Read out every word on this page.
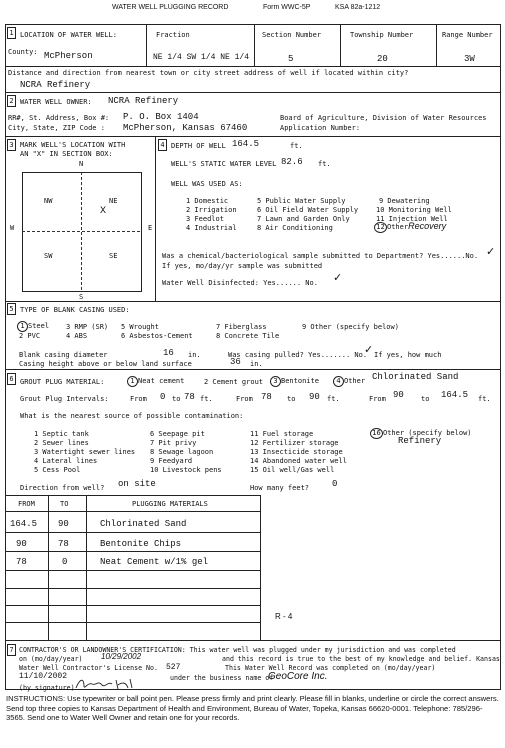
WATER WELL PLUGGING RECORD	Form WWC-5P	KSA 82a-1212
1 LOCATION OF WATER WELL:
County: McPherson
Fraction
NE 1/4 SW 1/4 NE 1/4
Section Number
5
Township Number
20
Range Number
3W
Distance and direction from nearest town or city street address of well if located within city?
NCRA Refinery
2 WATER WELL OWNER: NCRA Refinery
RR#, St. Address, Box #: P. O. Box 1404
City, State, ZIP Code : McPherson, Kansas 67460
Board of Agriculture, Division of Water Resources
Application Number:
3 MARK WELL'S LOCATION WITH
AN "X" IN SECTION BOX:
N
S
W	E
NW	NE
SW	SE
X
4 DEPTH OF WELL 164.5	ft.
WELL'S STATIC WATER LEVEL 82.6 ft.
WELL WAS USED AS:
1 Domestic
2 Irrigation
3 Feedlot
4 Industrial
5 Public Water Supply
6 Oil Field Water Supply
7 Lawn and Garden Only
8 Air Conditioning
9 Dewatering
10 Monitoring Well
11 Injection Well
12 OtherRecovery
Was a chemical/bacteriological sample submitted to Department? Yes......No. ✓
If yes, mo/day/yr sample was submitted
Water Well Disinfected: Yes...... No. ✓
5 TYPE OF BLANK CASING USED:
1 Steel 3 RMP (SR) 5 Wrought	7 Fiberglass	9 Other (specify below)
2 PVC	4 ABS	6 Asbestos-Cement	8 Concrete Tile
Blank casing diameter	16 in.	Was casing pulled? Yes....... No.
✓ If yes, how much
Casing height above or below land surface	36 in.
6 GROUT PLUG MATERIAL:	1 Neat cement	2 Cement grout	3 Bentonite	4 Other Chlorinated Sand
Grout Plug Intervals:	From 0 to 78 ft.	From 78 to 90 ft.	From 90 to 164.5 ft.
What is the nearest source of possible contamination:
1 Septic tank
2 Sewer lines
3 Watertight sewer lines
4 Lateral lines
5 Cess Pool
6 Seepage pit
7 Pit privy
8 Sewage lagoon
9 Feedyard
10 Livestock pens
11 Fuel storage
12 Fertilizer storage
13 Insecticide storage
14 Abandoned water well
15 Oil well/Gas well
16 Other (specify below)
Refinery
Direction from well? on site	How many feet?	0
FROM	TO	PLUGGING MATERIALS
164.5 90	Chlorinated Sand
90	78	Bentonite Chips
78	0	Neat Cement w/1% gel
R - 4
7 CONTRACTOR'S OR LANDOWNER'S CERTIFICATION: This water well was plugged under my jurisdiction and was completed
on (mo/day/year) 10/29/2002	and this record is true to the best of my knowledge and belief. Kansas
Water Well Contractor's License No. 527	This Water Well Record was completed on (mo/day/year)
11/10/2002	under the business name of
GeoCore Inc.
(by signature)
INSTRUCTIONS: Use typewriter or ball point pen. Please press firmly and print clearly. Please fill in blanks, underline or circle the correct answers. Send top three copies to Kansas Department of Health and Environment, Bureau of Water, Topeka, Kansas 66620-0001. Telephone: 785/296-3565. Send one to Water Well Owner and retain one for your records.
